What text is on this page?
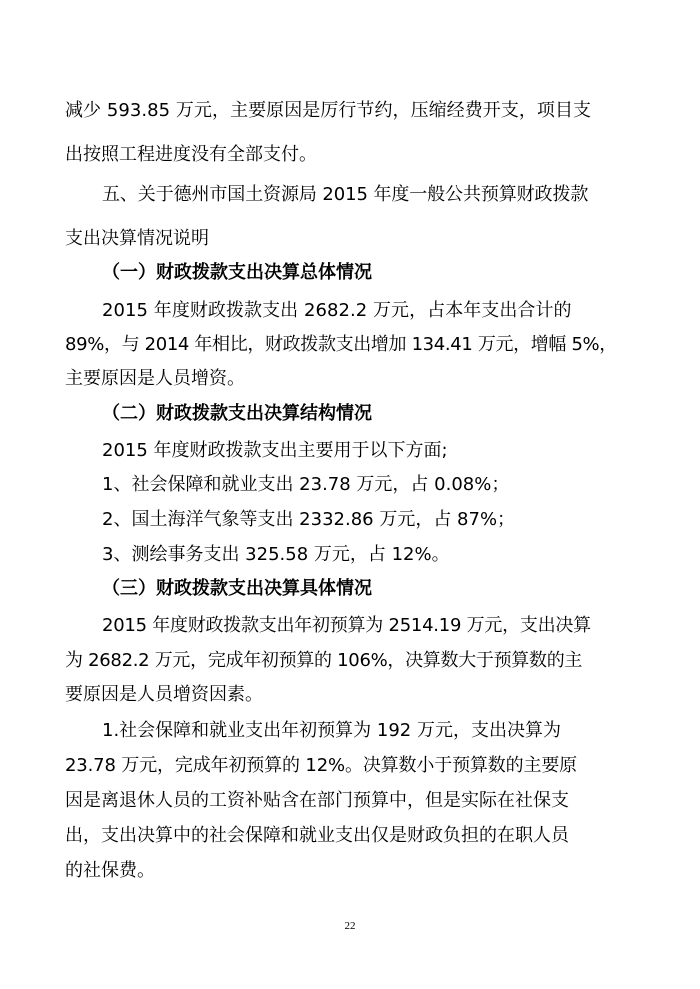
减少 593.85 万元，主要原因是厉行节约，压缩经费开支，项目支
出按照工程进度没有全部支付。
五、关于德州市国土资源局 2015 年度一般公共预算财政拨款
支出决算情况说明
（一）财政拨款支出决算总体情况
2015 年度财政拨款支出 2682.2 万元，占本年支出合计的
89%，与 2014 年相比，财政拨款支出增加 134.41 万元，增幅 5%，
主要原因是人员增资。
（二）财政拨款支出决算结构情况
2015 年度财政拨款支出主要用于以下方面;
1、社会保障和就业支出 23.78 万元，占 0.08%；
2、国土海洋气象等支出 2332.86 万元，占 87%；
3、测绘事务支出 325.58 万元，占 12%。
（三）财政拨款支出决算具体情况
2015 年度财政拨款支出年初预算为 2514.19 万元，支出决算
为 2682.2 万元，完成年初预算的 106%，决算数大于预算数的主
要原因是人员增资因素。
1.社会保障和就业支出年初预算为 192 万元，支出决算为
23.78 万元，完成年初预算的 12%。决算数小于预算数的主要原
因是离退休人员的工资补贴含在部门预算中，但是实际在社保支
出，支出决算中的社会保障和就业支出仅是财政负担的在职人员
的社保费。
22
